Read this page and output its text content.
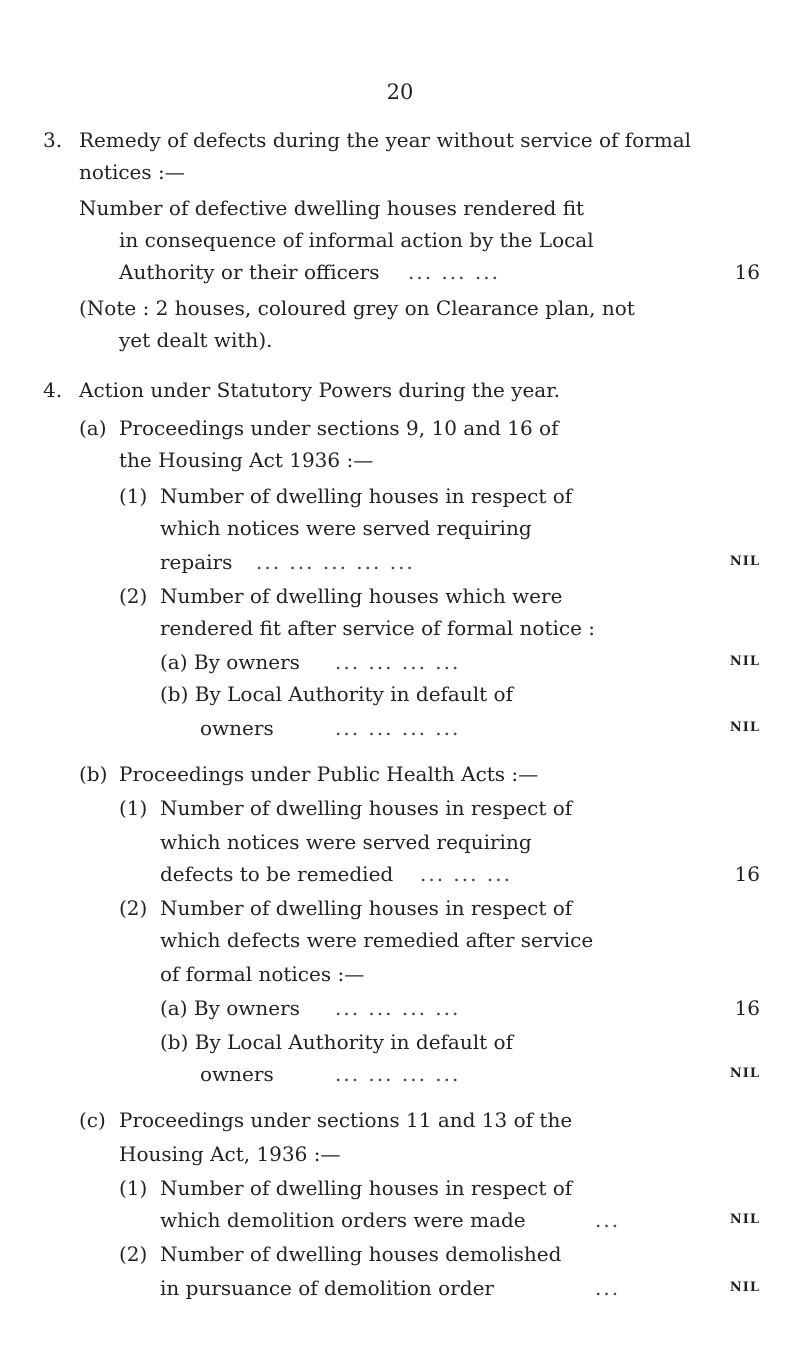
20
3. Remedy of defects during the year without service of formal
notices :—
Number of defective dwelling houses rendered fit
in consequence of informal action by the Local
Authority or their officers ... ... ...	16
(Note : 2 houses, coloured grey on Clearance plan, not
yet dealt with).
4. Action under Statutory Powers during the year.
(a) Proceedings under sections 9, 10 and 16 of
the Housing Act 1936 :—
(1) Number of dwelling houses in respect of
which notices were served requiring
repairs ... ... ... ... ...	NIL
(2) Number of dwelling houses which were
rendered fit after service of formal notice :
(a) By owners ... ... ... ...	NIL
(b) By Local Authority in default of
owners	... ... ... ...	NIL
(b) Proceedings under Public Health Acts :—
(1) Number of dwelling houses in respect of
which notices were served requiring
defects to be remedied ... ... ...	16
(2) Number of dwelling houses in respect of
which defects were remedied after service
of formal notices :—
(a) By owners ... ... ... ...	16
(b) By Local Authority in default of
owners	... ... ... ...	NIL
(c) Proceedings under sections 11 and 13 of the
Housing Act, 1936 :—
(1) Number of dwelling houses in respect of
which demolition orders were made	...	NIL
(2) Number of dwelling houses demolished
in pursuance of demolition order	...	NIL
